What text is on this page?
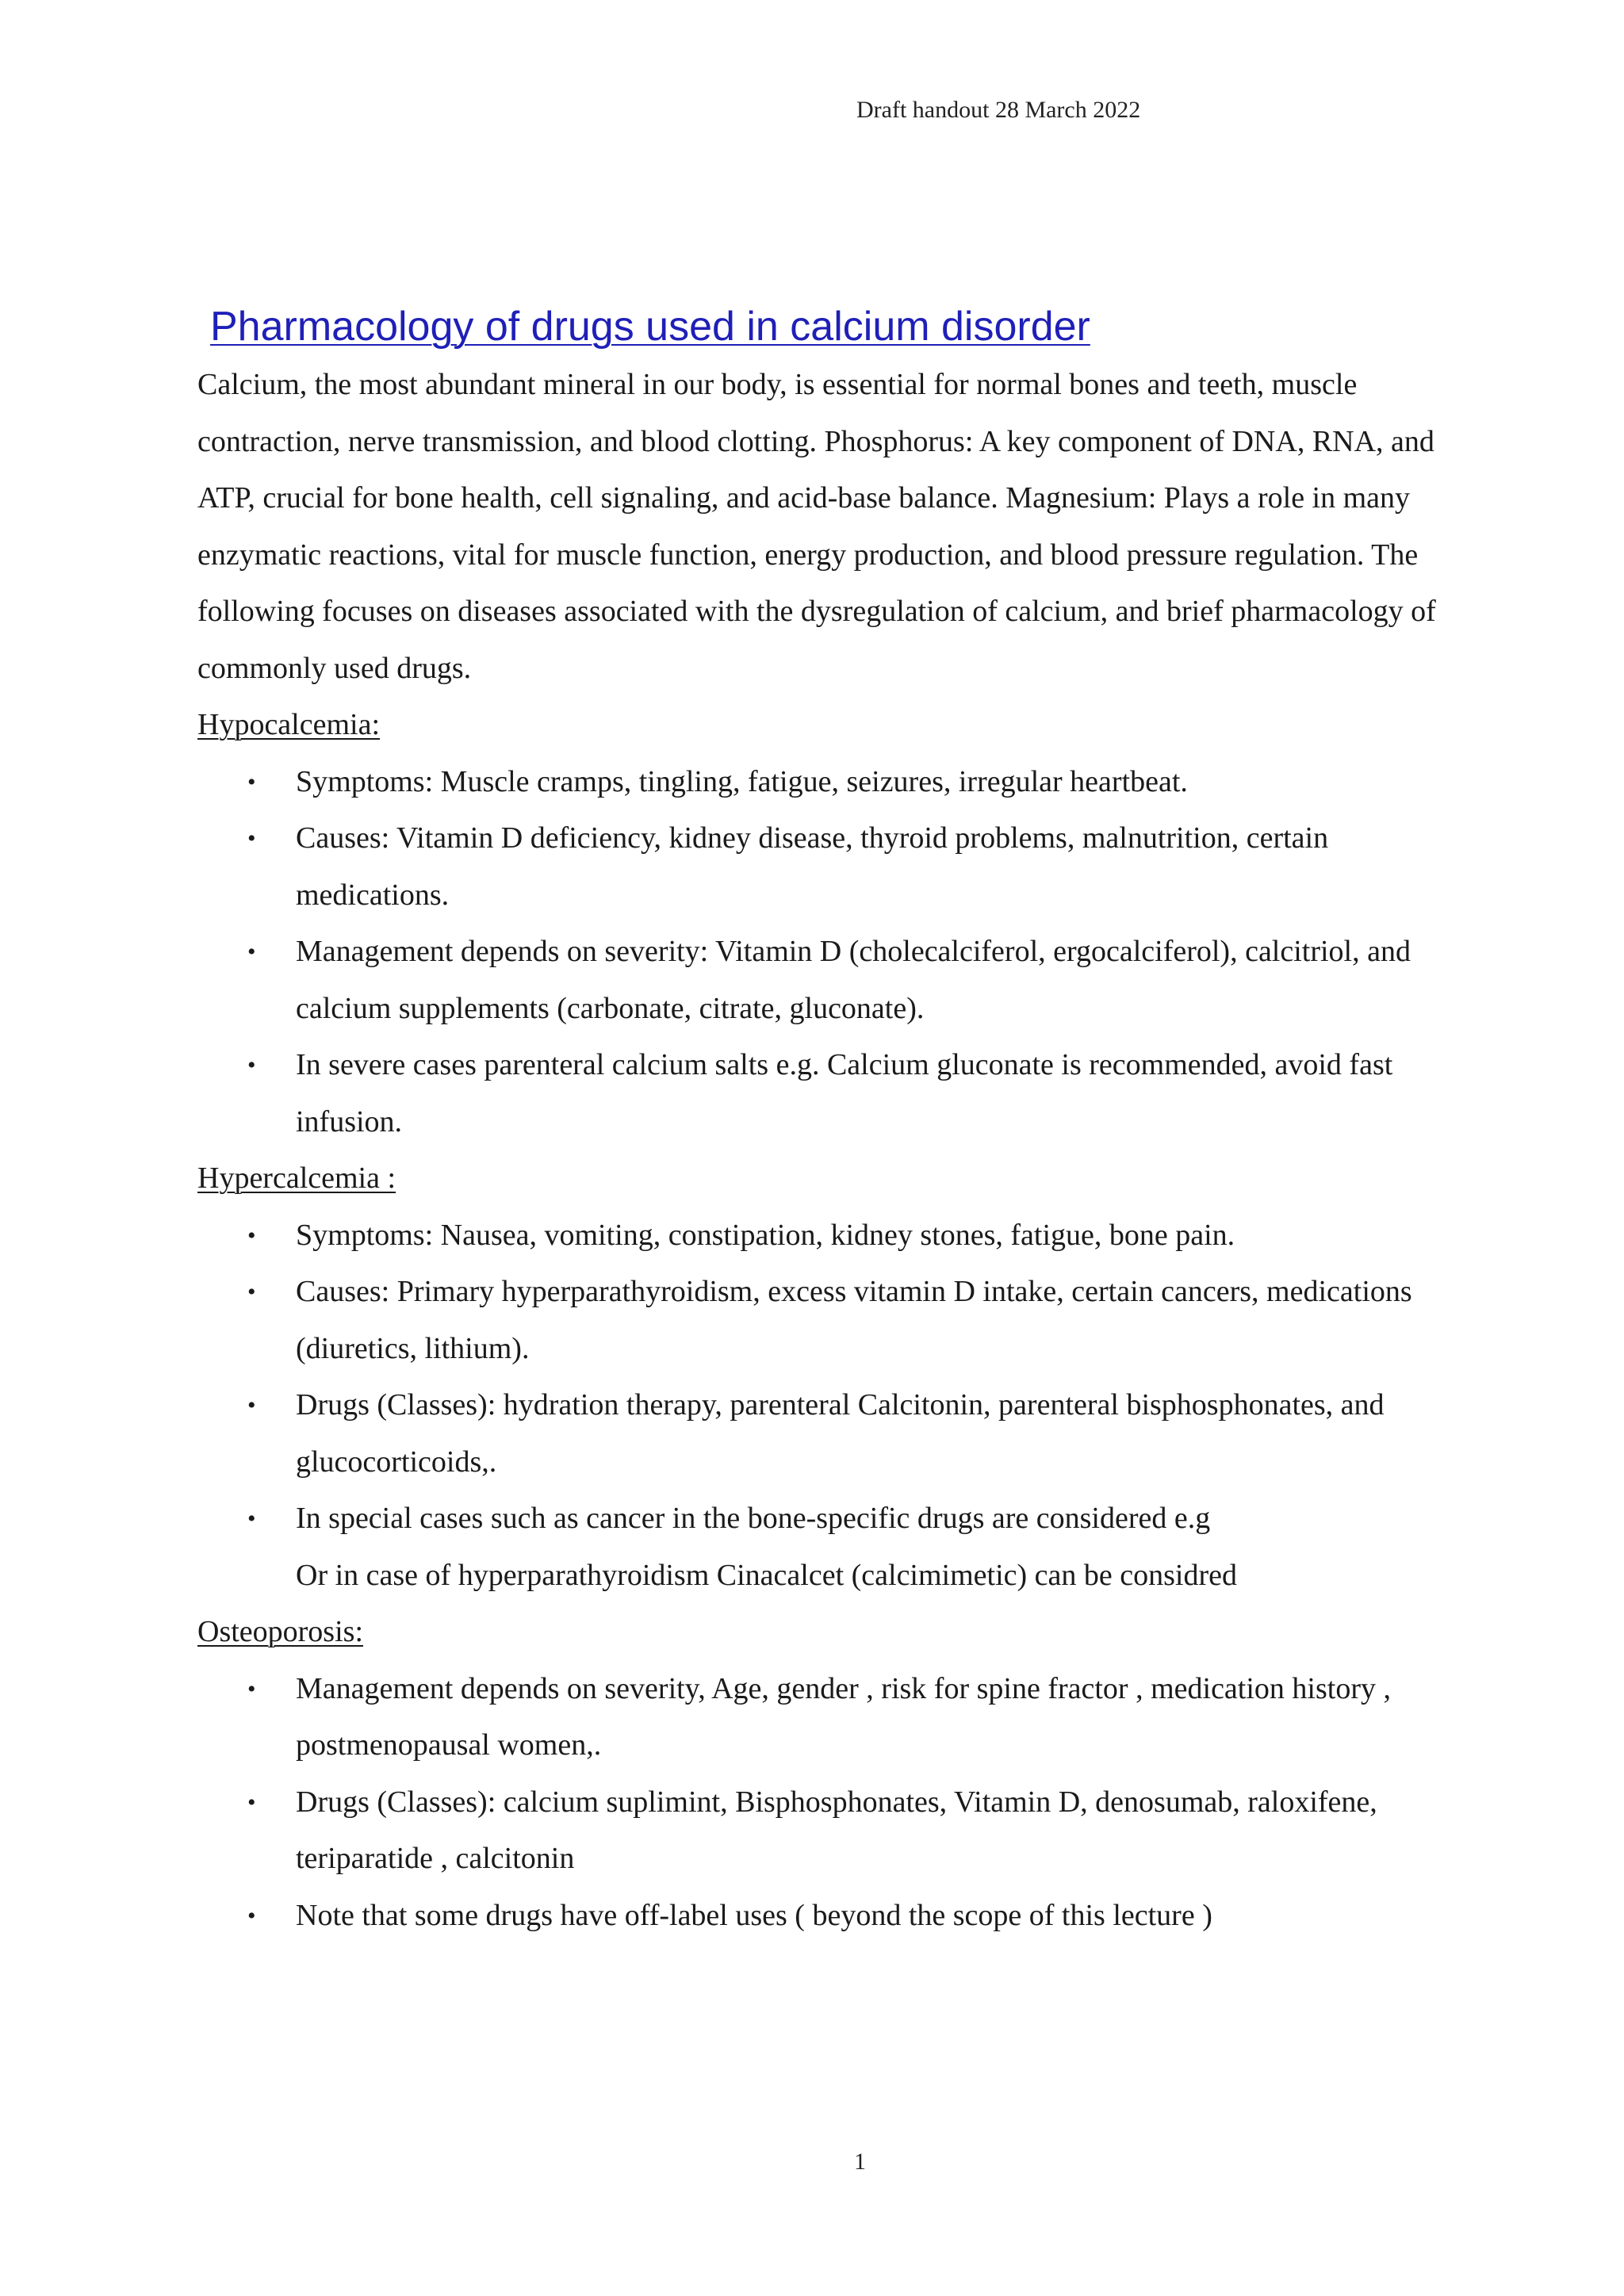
Draft handout 28 March 2022
Pharmacology of drugs used in calcium disorder

Calcium, the most abundant mineral in our body, is essential for normal bones and teeth, muscle contraction, nerve transmission, and blood clotting. Phosphorus: A key component of DNA, RNA, and ATP, crucial for bone health, cell signaling, and acid-base balance. Magnesium: Plays a role in many enzymatic reactions, vital for muscle function, energy production, and blood pressure regulation. The following focuses on diseases associated with the dysregulation of calcium, and brief pharmacology of commonly used drugs.

Hypocalcemia:
• Symptoms: Muscle cramps, tingling, fatigue, seizures, irregular heartbeat.
• Causes: Vitamin D deficiency, kidney disease, thyroid problems, malnutrition, certain medications.
• Management depends on severity: Vitamin D (cholecalciferol, ergocalciferol), calcitriol, and calcium supplements (carbonate, citrate, gluconate).
• In severe cases parenteral calcium salts e.g. Calcium gluconate is recommended, avoid fast infusion.
Hypercalcemia :
• Symptoms: Nausea, vomiting, constipation, kidney stones, fatigue, bone pain.
• Causes: Primary hyperparathyroidism, excess vitamin D intake, certain cancers, medications (diuretics, lithium).
• Drugs (Classes): hydration therapy, parenteral Calcitonin, parenteral bisphosphonates, and glucocorticoids,.
• In special cases such as cancer in the bone-specific drugs are considered e.g
Or in case of hyperparathyroidism Cinacalcet (calcimimetic) can be considred
Osteoporosis:
• Management depends on severity, Age, gender , risk for spine fractor , medication history , postmenopausal women,.
• Drugs (Classes): calcium suplimint, Bisphosphonates, Vitamin D, denosumab, raloxifene, teriparatide , calcitonin
• Note that some drugs have off-label uses ( beyond the scope of this lecture )
1
